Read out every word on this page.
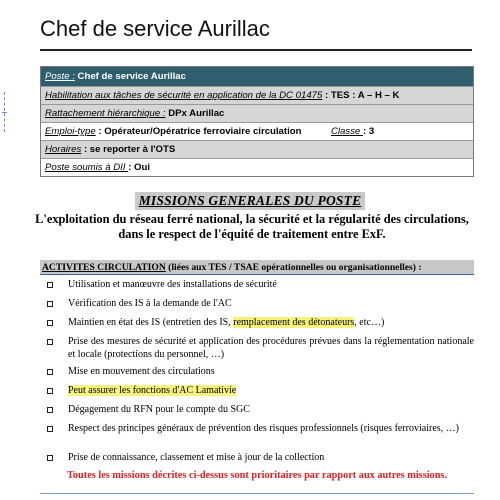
Chef de service Aurillac
Poste : Chef de service Aurillac
Habilitation aux tâches de sécurité en application de la DC 01475 : TES : A – H – K
Rattachement hiérarchique : DPx Aurillac
Emploi-type : Opérateur/Opératrice ferroviaire circulation	Classe : 3
Horaires : se reporter à l'OTS
Poste soumis à DII : Oui
MISSIONS GENERALES DU POSTE

L'exploitation du réseau ferré national, la sécurité et la régularité des circulations, dans le respect de l'équité de traitement entre ExF.

ACTIVITES CIRCULATION (liées aux TES / TSAE opérationnelles ou organisationnelles) :
Utilisation et manœuvre des installations de sécurité
Vérification des IS à la demande de l'AC
Maintien en état des IS (entretien des IS, remplacement des détonateurs, etc…)
Prise des mesures de sécurité et application des procédures prévues dans la réglementation nationale et locale (protections du personnel, …)
Mise en mouvement des circulations
Peut assurer les fonctions d'AC Lamativie
Dégagement du RFN pour le compte du SGC
Respect des principes généraux de prévention des risques professionnels (risques ferroviaires, …)
Prise de connaissance, classement et mise à jour de la collection

Toutes les missions décrites ci-dessus sont prioritaires par rapport aux autres missions.
